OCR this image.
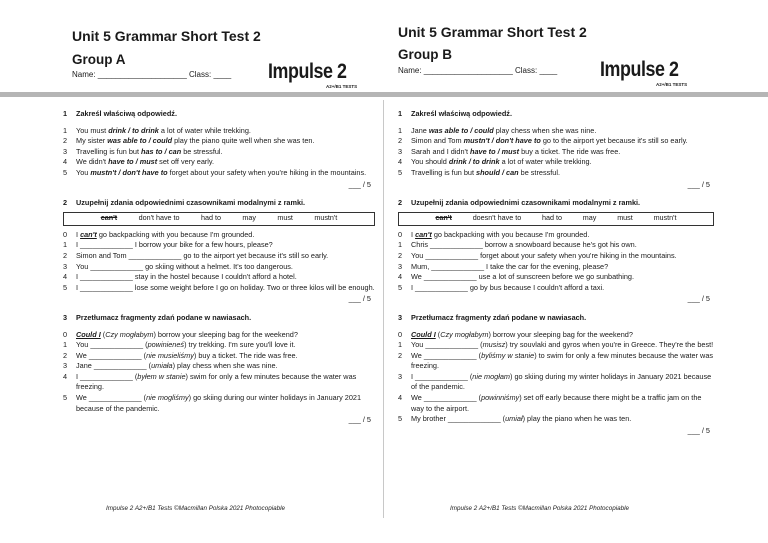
Unit 5 Grammar Short Test 2
Group A
Name: ____________________ Class: ____ Impulse 2
A2+/B1 TESTS
1 Zakreśl właściwą odpowiedź.
1 You must drink / to drink a lot of water while trekking.
2 My sister was able to / could play the piano quite well when she was ten.
3 Travelling is fun but has to / can be stressful.
4 We didn't have to / must set off very early.
5 You mustn't / don't have to forget about your safety when you're hiking in the mountains.
___ / 5
2 Uzupełnij zdania odpowiednimi czasownikami modalnymi z ramki.
can't	don't have to	had to	may	must	mustn't
0 I can't go backpacking with you because I'm grounded.
1 I _____________ I borrow your bike for a few hours, please?
2 Simon and Tom _____________ go to the airport yet because it's still so early.
3 You _____________ go skiing without a helmet. It's too dangerous.
4 I _____________ stay in the hostel because I couldn't afford a hotel.
5 I _____________ lose some weight before I go on holiday. Two or three kilos will be enough.
___ / 5
3 Przetłumacz fragmenty zdań podane w nawiasach.
0 Could I (Czy mogłabym) borrow your sleeping bag for the weekend?
1 You _____________ (powinieneś) try trekking. I'm sure you'll love it.
2 We _____________ (nie musieliśmy) buy a ticket. The ride was free.
3 Jane _____________ (umiała) play chess when she was nine.
4 I _____________ (byłem w stanie) swim for only a few minutes because the water was freezing.
5 We _____________ (nie mogliśmy) go skiing during our winter holidays in January 2021 because of the pandemic.
___ / 5
Impulse 2 A2+/B1 Tests ©Macmillan Polska 2021 Photocopiable
Unit 5 Grammar Short Test 2
Group B
Name: ____________________ Class: ____ Impulse 2
A2+/B1 TESTS
1 Zakreśl właściwą odpowiedź.
1 Jane was able to / could play chess when she was nine.
2 Simon and Tom mustn't / don't have to go to the airport yet because it's still so early.
3 Sarah and I didn't have to / must buy a ticket. The ride was free.
4 You should drink / to drink a lot of water while trekking.
5 Travelling is fun but should / can be stressful.
___ / 5
2 Uzupełnij zdania odpowiednimi czasownikami modalnymi z ramki.
can't	doesn't have to	had to	may	must	mustn't
0 I can't go backpacking with you because I'm grounded.
1 Chris _____________ borrow a snowboard because he's got his own.
2 You _____________ forget about your safety when you're hiking in the mountains.
3 Mum, _____________ I take the car for the evening, please?
4 We _____________ use a lot of sunscreen before we go sunbathing.
5 I _____________ go by bus because I couldn't afford a taxi.
___ / 5
3 Przetłumacz fragmenty zdań podane w nawiasach.
0 Could I (Czy mogłabym) borrow your sleeping bag for the weekend?
1 You _____________ (musisz) try souvlaki and gyros when you're in Greece. They're the best!
2 We _____________ (byliśmy w stanie) to swim for only a few minutes because the water was freezing.
3 I _____________ (nie mogłam) go skiing during my winter holidays in January 2021 because of the pandemic.
4 We _____________ (powinniśmy) set off early because there might be a traffic jam on the way to the airport.
5 My brother _____________ (umiał) play the piano when he was ten.
___ / 5
Impulse 2 A2+/B1 Tests ©Macmillan Polska 2021 Photocopiable
